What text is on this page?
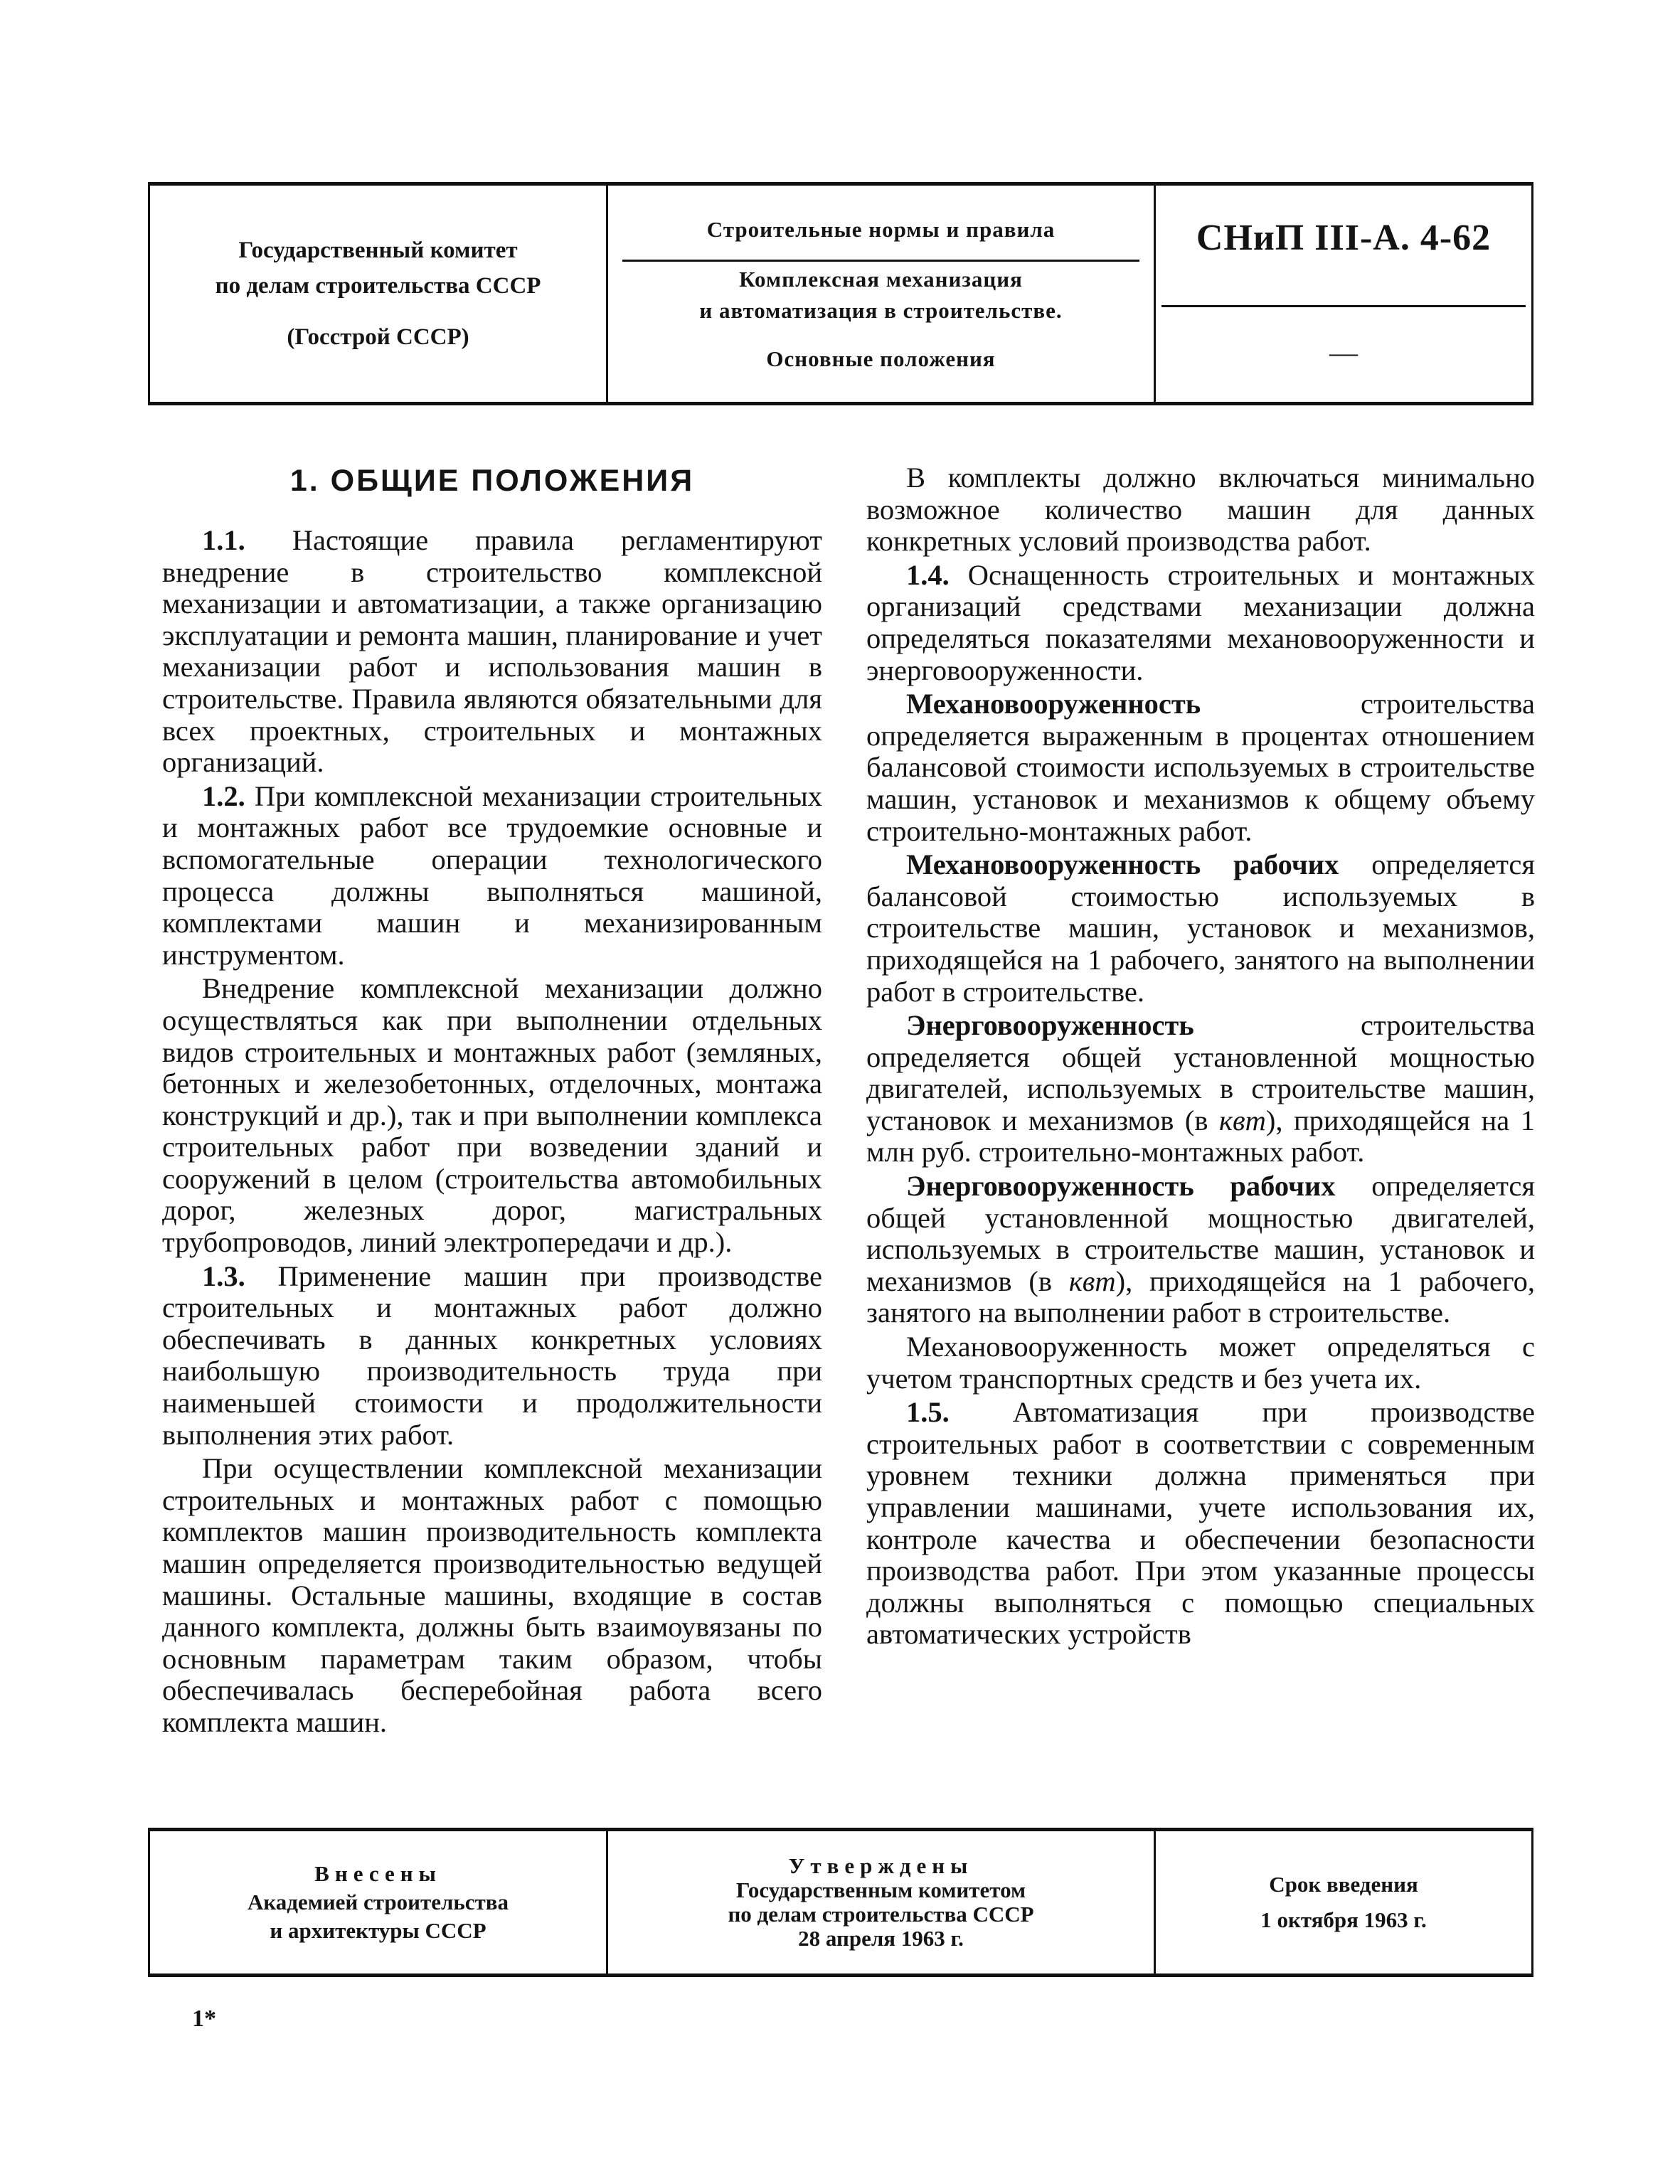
Государственный комитет
по делам строительства СССР
(Госстрой СССР)
Строительные нормы и правила
Комплексная механизация
и автоматизация в строительстве.
Основные положения
СНиП III-А. 4-62
—
1. ОБЩИЕ ПОЛОЖЕНИЯ

1.1. Настоящие правила регламентируют внедрение в строительство комплексной механизации и автоматизации, а также организацию эксплуатации и ремонта машин, планирование и учет механизации работ и использования машин в строительстве. Правила являются обязательными для всех проектных, строительных и монтажных организаций.

1.2. При комплексной механизации строительных и монтажных работ все трудоемкие основные и вспомогательные операции технологического процесса должны выполняться машиной, комплектами машин и механизированным инструментом.

Внедрение комплексной механизации должно осуществляться как при выполнении отдельных видов строительных и монтажных работ (земляных, бетонных и железобетонных, отделочных, монтажа конструкций и др.), так и при выполнении комплекса строительных работ при возведении зданий и сооружений в целом (строительства автомобильных дорог, железных дорог, магистральных трубопроводов, линий электропередачи и др.).

1.3. Применение машин при производстве строительных и монтажных работ должно обеспечивать в данных конкретных условиях наибольшую производительность труда при наименьшей стоимости и продолжительности выполнения этих работ.

При осуществлении комплексной механизации строительных и монтажных работ с помощью комплектов машин производительность комплекта машин определяется производительностью ведущей машины. Остальные машины, входящие в состав данного комплекта, должны быть взаимоувязаны по основным параметрам таким образом, чтобы обеспечивалась бесперебойная работа всего комплекта машин.

В комплекты должно включаться минимально возможное количество машин для данных конкретных условий производства работ.

1.4. Оснащенность строительных и монтажных организаций средствами механизации должна определяться показателями механовооруженности и энерговооруженности.

Механовооруженность строительства определяется выраженным в процентах отношением балансовой стоимости используемых в строительстве машин, установок и механизмов к общему объему строительно-монтажных работ.

Механовооруженность рабочих определяется балансовой стоимостью используемых в строительстве машин, установок и механизмов, приходящейся на 1 рабочего, занятого на выполнении работ в строительстве.

Энерговооруженность строительства определяется общей установленной мощностью двигателей, используемых в строительстве машин, установок и механизмов (в квт), приходящейся на 1 млн руб. строительно-монтажных работ.

Энерговооруженность рабочих определяется общей установленной мощностью двигателей, используемых в строительстве машин, установок и механизмов (в квт), приходящейся на 1 рабочего, занятого на выполнении работ в строительстве.

Механовооруженность может определяться с учетом транспортных средств и без учета их.

1.5. Автоматизация при производстве строительных работ в соответствии с современным уровнем техники должна применяться при управлении машинами, учете использования их, контроле качества и обеспечении безопасности производства работ. При этом указанные процессы должны выполняться с помощью специальных автоматических устройств

Внесены
Академией строительства
и архитектуры СССР
Утверждены
Государственным комитетом
по делам строительства СССР
28 апреля 1963 г.
Срок введения
1 октября 1963 г.
1*
